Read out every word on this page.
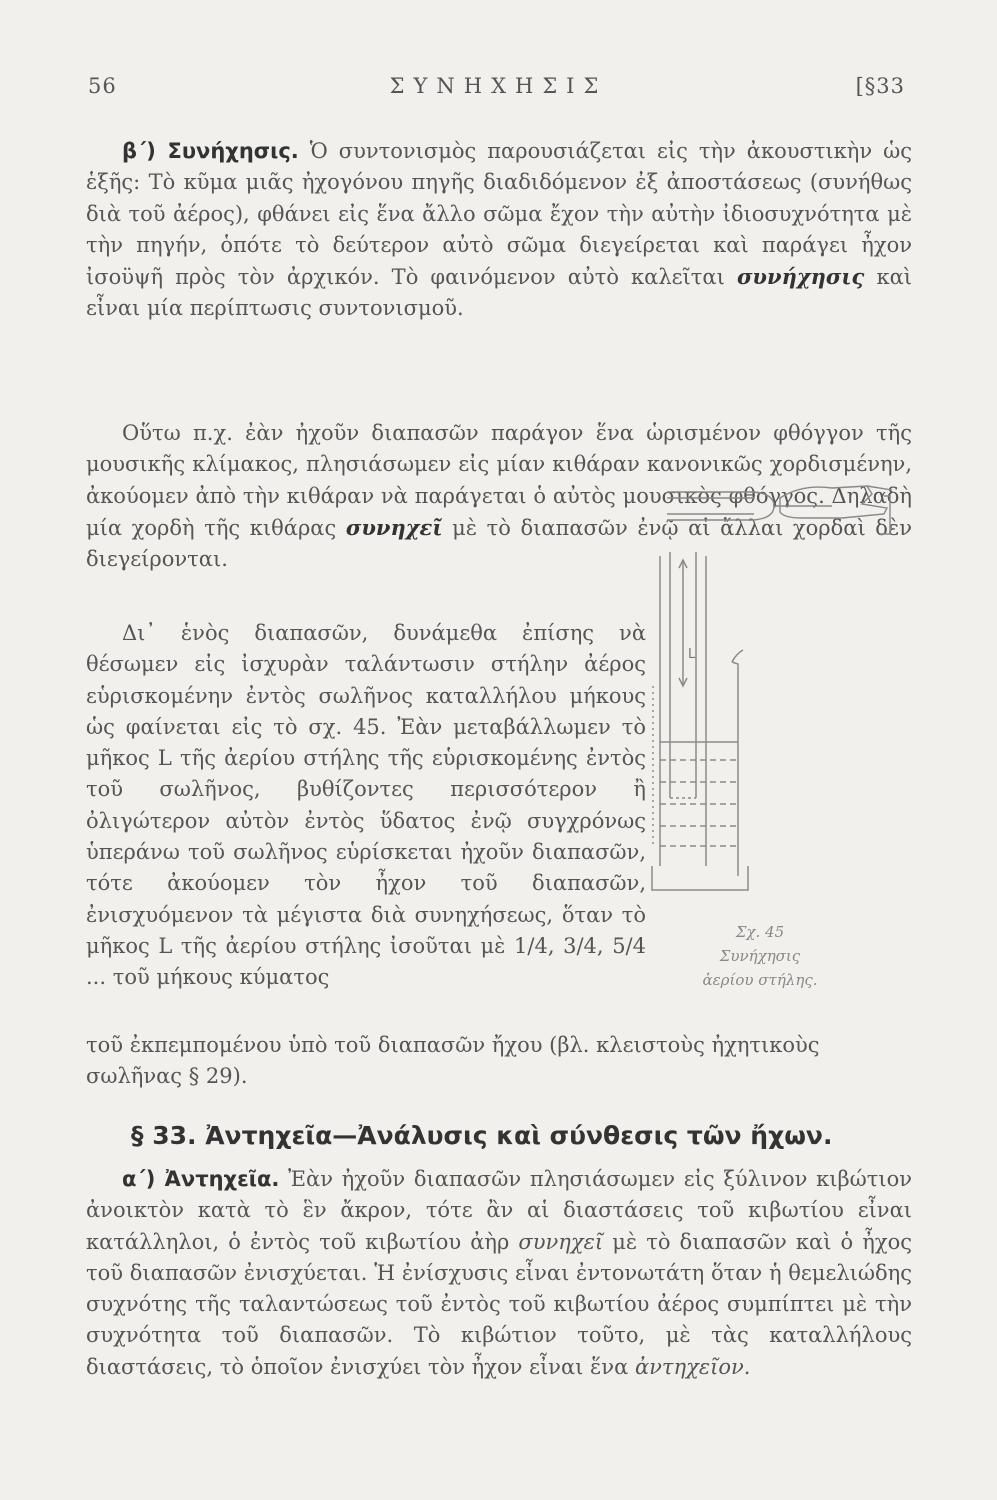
56	ΣΥΝΗΧΗΣΙΣ	[§33

β΄) Συνήχησις. Ὁ συντονισμὸς παρουσιάζεται εἰς τὴν ἀκουστικὴν ὡς ἑξῆς: Τὸ κῦμα μιᾶς ἠχογόνου πηγῆς διαδιδόμενον ἐξ ἀποστάσεως (συνήθως διὰ τοῦ ἀέρος), φθάνει εἰς ἕνα ἄλλο σῶμα ἔχον τὴν αὐτὴν ἰδιοσυχνότητα μὲ τὴν πηγήν, ὁπότε τὸ δεύτερον αὐτὸ σῶμα διεγείρεται καὶ παράγει ἦχον ἰσοϋψῆ πρὸς τὸν ἀρχικόν. Τὸ φαινόμενον αὐτὸ καλεῖται συνήχησις καὶ εἶναι μία περίπτωσις συντονισμοῦ.

Οὕτω π.χ. ἐὰν ἠχοῦν διαπασῶν παράγον ἕνα ὡρισμένον φθόγγον τῆς μουσικῆς κλίμακος, πλησιάσωμεν εἰς μίαν κιθάραν κανονικῶς χορδισμένην, ἀκούομεν ἀπὸ τὴν κιθάραν νὰ παράγεται ὁ αὐτὸς μουσικὸς φθόγγος. Δηλαδὴ μία χορδὴ τῆς κιθάρας συνηχεῖ μὲ τὸ διαπασῶν ἐνῷ αἱ ἄλλαι χορδαὶ δὲν διεγείρονται.

Δι᾽ ἑνὸς διαπασῶν, δυνάμεθα ἐπίσης νὰ θέσωμεν εἰς ἰσχυρὰν ταλάντωσιν στήλην ἀέρος εὑρισκομένην ἐντὸς σωλῆνος καταλλήλου μήκους ὡς φαίνεται εἰς τὸ σχ. 45. Ἐὰν μεταβάλλωμεν τὸ μῆκος L τῆς ἀερίου στήλης τῆς εὑρισκομένης ἐντὸς τοῦ σωλῆνος, βυθίζοντες περισσότερον ἢ ὀλιγώτερον αὐτὸν ἐντὸς ὕδατος ἐνῷ συγχρόνως ὑπεράνω τοῦ σωλῆνος εὑρίσκεται ἠχοῦν διαπασῶν, τότε ἀκούομεν τὸν ἦχον τοῦ διαπασῶν, ἐνισχυόμενον τὰ μέγιστα διὰ συνηχήσεως, ὅταν τὸ μῆκος L τῆς ἀερίου στήλης ἰσοῦται μὲ 1/4, 3/4, 5/4 ... τοῦ μήκους κύματος

τοῦ ἐκπεμπομένου ὑπὸ τοῦ διαπασῶν ἤχου (βλ. κλειστοὺς ἠχητικοὺς σωλῆνας § 29).

L
Σχ. 45
Συνήχησις
ἀερίου στήλης.
§ 33. Ἀντηχεῖα—Ἀνάλυσις καὶ σύνθεσις τῶν ἤχων.

α΄) Ἀντηχεῖα. Ἐὰν ἠχοῦν διαπασῶν πλησιάσωμεν εἰς ξύλινον κιβώτιον ἀνοικτὸν κατὰ τὸ ἓν ἄκρον, τότε ἂν αἱ διαστάσεις τοῦ κιβωτίου εἶναι κατάλληλοι, ὁ ἐντὸς τοῦ κιβωτίου ἀὴρ συνηχεῖ μὲ τὸ διαπασῶν καὶ ὁ ἦχος τοῦ διαπασῶν ἐνισχύεται. Ἡ ἐνίσχυσις εἶναι ἐντονωτάτη ὅταν ἡ θεμελιώδης συχνότης τῆς ταλαντώσεως τοῦ ἐντὸς τοῦ κιβωτίου ἀέρος συμπίπτει μὲ τὴν συχνότητα τοῦ διαπασῶν. Τὸ κιβώτιον τοῦτο, μὲ τὰς καταλλήλους διαστάσεις, τὸ ὁποῖον ἐνισχύει τὸν ἦχον εἶναι ἕνα ἀντηχεῖον.
